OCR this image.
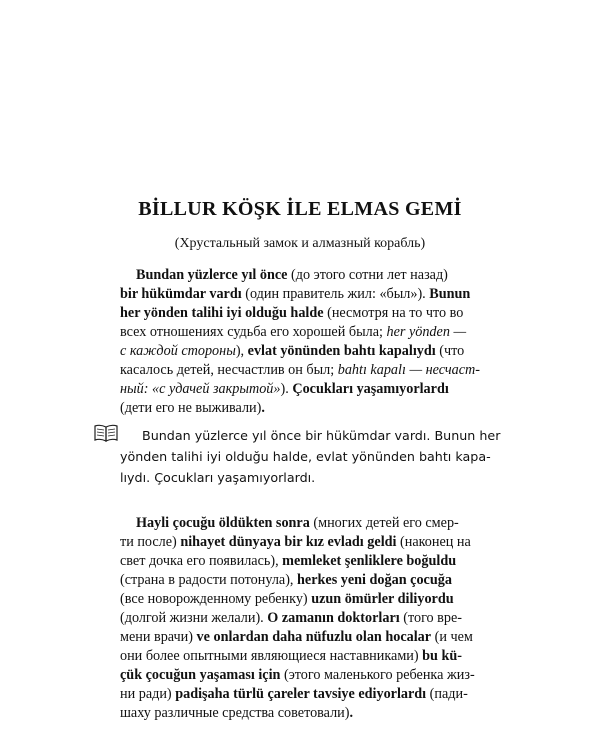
BİLLUR KÖŞK İLE ELMAS GEMİ
(Хрустальный замок и алмазный корабль)
Bundan yüzlerce yıl önce (до этого сотни лет назад)
bir hükümdar vardı (один правитель жил: «был»). Bunun
her yönden talihi iyi olduğu halde (несмотря на то что во
всех отношениях судьба его хорошей была; her yönden —
с каждой стороны), evlat yönünden bahtı kapalıydı (что
касалось детей, несчастлив он был; bahtı kapalı — несчаст-
ный: «с удачей закрытой»). Çocukları yaşamıyorlardı
(дети его не выживали).
Bundan yüzlerce yıl önce bir hükümdar vardı. Bunun her
yönden talihi iyi olduğu halde, evlat yönünden bahtı kapa-
lıydı. Çocukları yaşamıyorlardı.
Hayli çocuğu öldükten sonra (многих детей его смер-
ти после) nihayet dünyaya bir kız evladı geldi (наконец на
свет дочка его появилась), memleket şenliklere boğuldu
(страна в радости потонула), herkes yeni doğan çocuğa
(все новорожденному ребенку) uzun ömürler diliyordu
(долгой жизни желали). O zamanın doktorları (того вре-
мени врачи) ve onlardan daha nüfuzlu olan hocalar (и чем
они более опытными являющиеся наставниками) bu kü-
çük çocuğun yaşaması için (этого маленького ребенка жиз-
ни ради) padişaha türlü çareler tavsiye ediyorlardı (пади-
шаху различные средства советовали).
